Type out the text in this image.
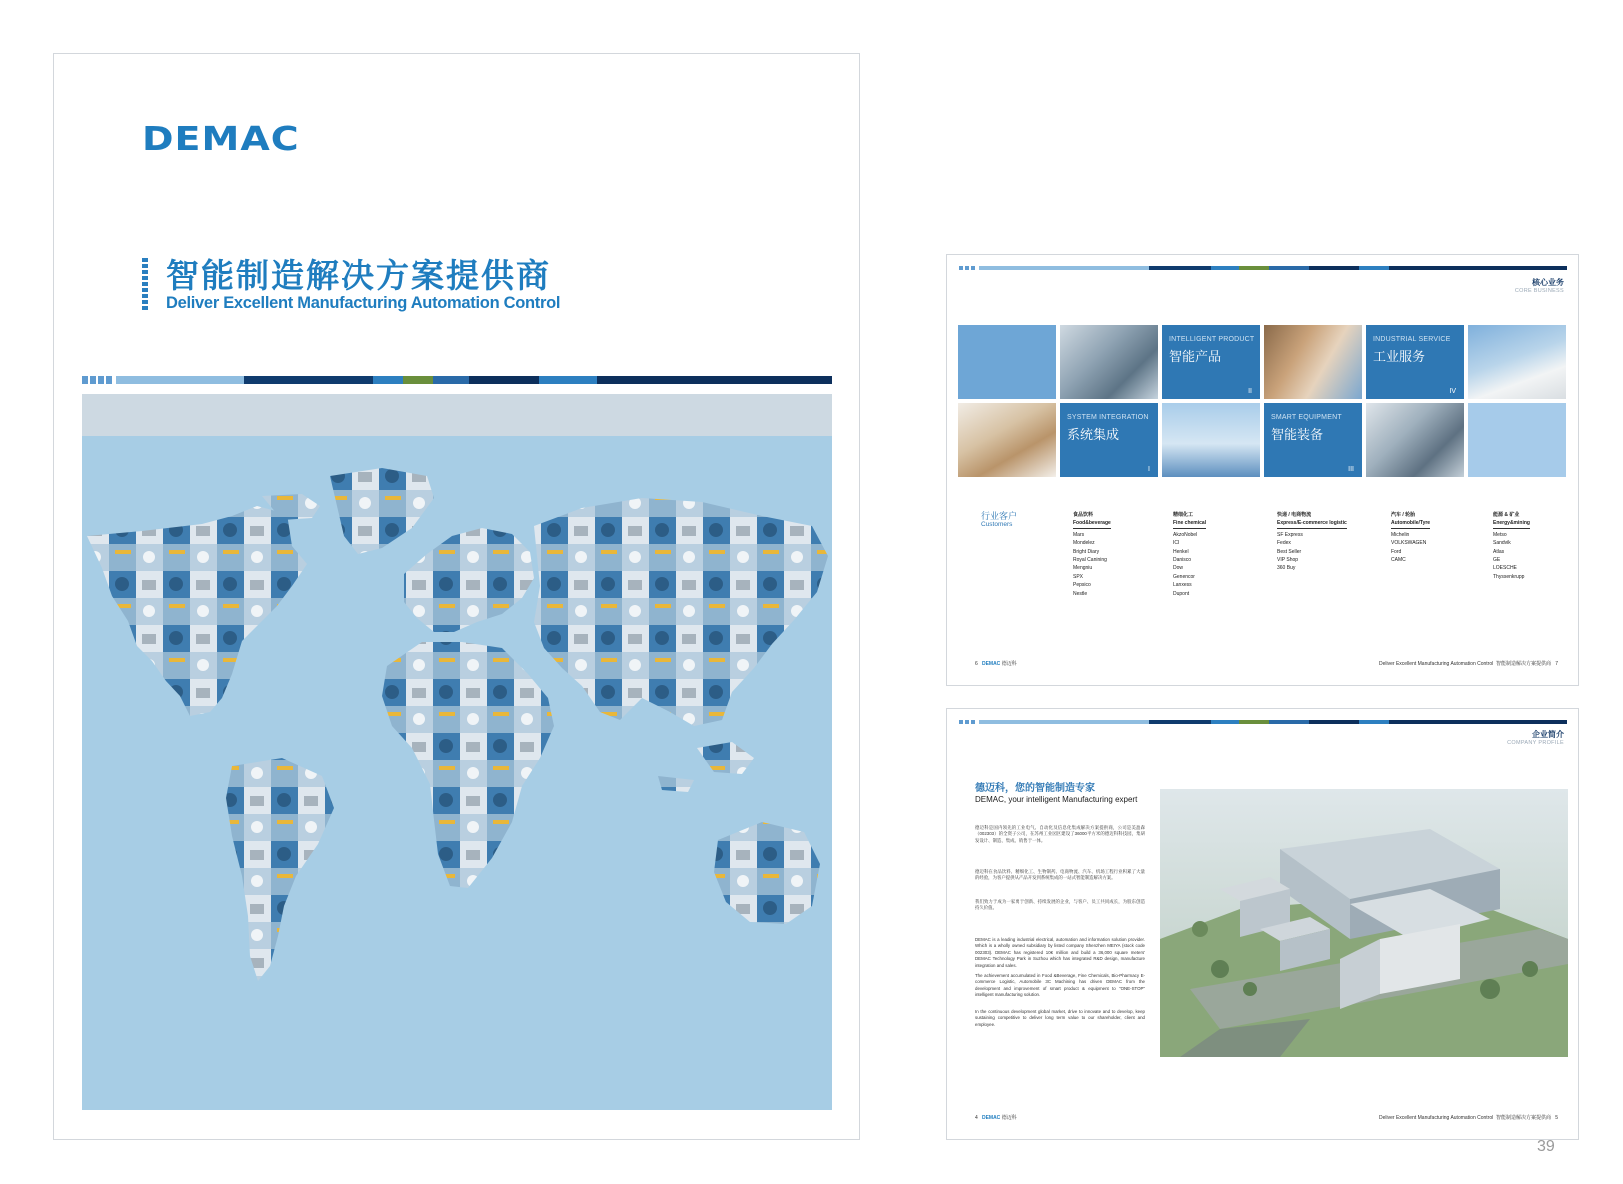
DEMAC
智能制造解决方案提供商
Deliver Excellent Manufacturing Automation Control
核心业务
CORE BUSINESS
INTELLIGENT PRODUCT
智能产品
II
INDUSTRIAL SERVICE
工业服务
IV
SYSTEM INTEGRATION
系统集成
I
SMART EQUIPMENT
智能装备
III
行业客户
Customers
食品饮料
Food&beverage
Mars
Mondelez
Bright Diary
Royal Canining
Mengniu
SPX
Pepsico
Nestle
精细化工
Fine chemical
AkzoNobel
ICI
Henkel
Danisco
Dow
Genencor
Lanxess
Dupont
快递 / 电商物流
Express/E-commerce logistic
SF Express
Fedex
Best Seller
VIP Shop
360 Buy
汽车 / 轮胎
Automobile/Tyre
Michelin
VOLKSWAGEN
Ford
CAMC
能源 & 矿业
Energy&mining
Metso
Sandvik
Atlas
GE
LOESCHE
Thyssenkrupp
6 DEMAC 德迈科	Deliver Excellent Manufacturing Automation Control 智能制造解决方案提供商 7
企业简介
COMPANY PROFILE
德迈科，您的智能制造专家
DEMAC, your intelligent Manufacturing expert
德迈科是国内领先的工业电气、自动化及信息化集成解决方案提供商，公司是美盈森（002303）的全资子公司，在苏州工业园区建设了36000平方米的德迈科科技园，集研发设计、制造、集成、销售于一体。
德迈科在食品饮料、精细化工、生物制药、电商物流、汽车、机场工程行业积累了大量的经验，为客户提供从产品开发到系统集成的一站式智能制造解决方案。
我们致力于成为一家勇于创新、持续发展的企业，与客户、员工共同成长，为股东创造持久价值。
DEMAC is a leading industrial electrical, automation and information solution provider. Which is a wholly owned subsidiary by listed company Shenzhen MEIYA (stock code 002303). DEMAC has registered 10€ million and build a 36,000 square meters' DEMAC Technology Park in Suzhou which has integrated R&D design, manufacture integration and sales.
The achievement accumulated in Food &Beverage, Fine Chemicals, Bio-Pharmacy E-commerce Logistic, Automobile 3C Machining has driven DEMAC from the development and improvement of smart product & equipment to "ONE-STOP" intelligent manufacturing solution.
In the continuous development global market, drive to innovate and to develop, keep sustaining competitive to deliver long term value to our shareholder, client and employee.
4 DEMAC 德迈科	Deliver Excellent Manufacturing Automation Control 智能制造解决方案提供商 5
39
